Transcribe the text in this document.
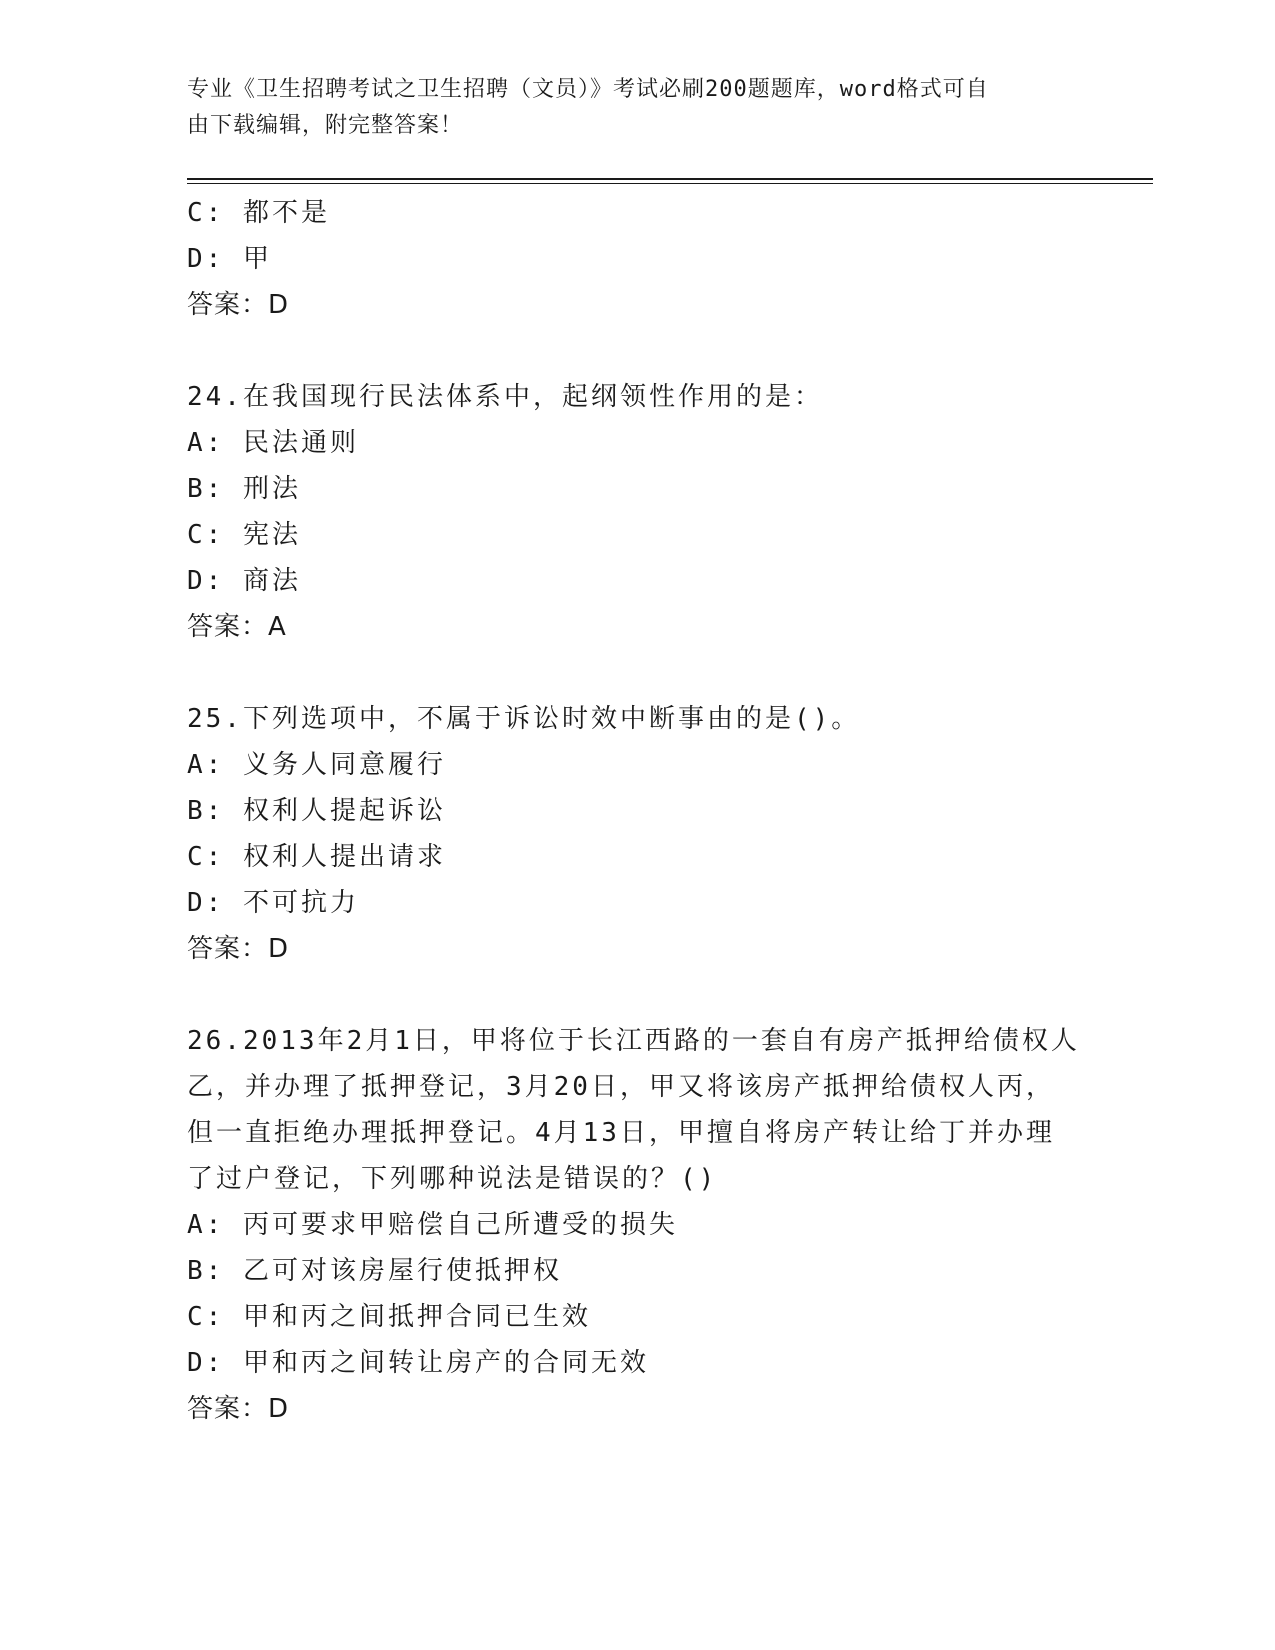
专业《卫生招聘考试之卫生招聘（文员）》考试必刷200题题库，word格式可自
由下载编辑，附完整答案！
C: 都不是
D: 甲
答案：D
24.在我国现行民法体系中，起纲领性作用的是：
A: 民法通则
B: 刑法
C: 宪法
D: 商法
答案：A
25.下列选项中，不属于诉讼时效中断事由的是()。
A: 义务人同意履行
B: 权利人提起诉讼
C: 权利人提出请求
D: 不可抗力
答案：D
26.2013年2月1日，甲将位于长江西路的一套自有房产抵押给债权人
乙，并办理了抵押登记，3月20日，甲又将该房产抵押给债权人丙，
但一直拒绝办理抵押登记。4月13日，甲擅自将房产转让给丁并办理
了过户登记，下列哪种说法是错误的？()
A: 丙可要求甲赔偿自己所遭受的损失
B: 乙可对该房屋行使抵押权
C: 甲和丙之间抵押合同已生效
D: 甲和丙之间转让房产的合同无效
答案：D
